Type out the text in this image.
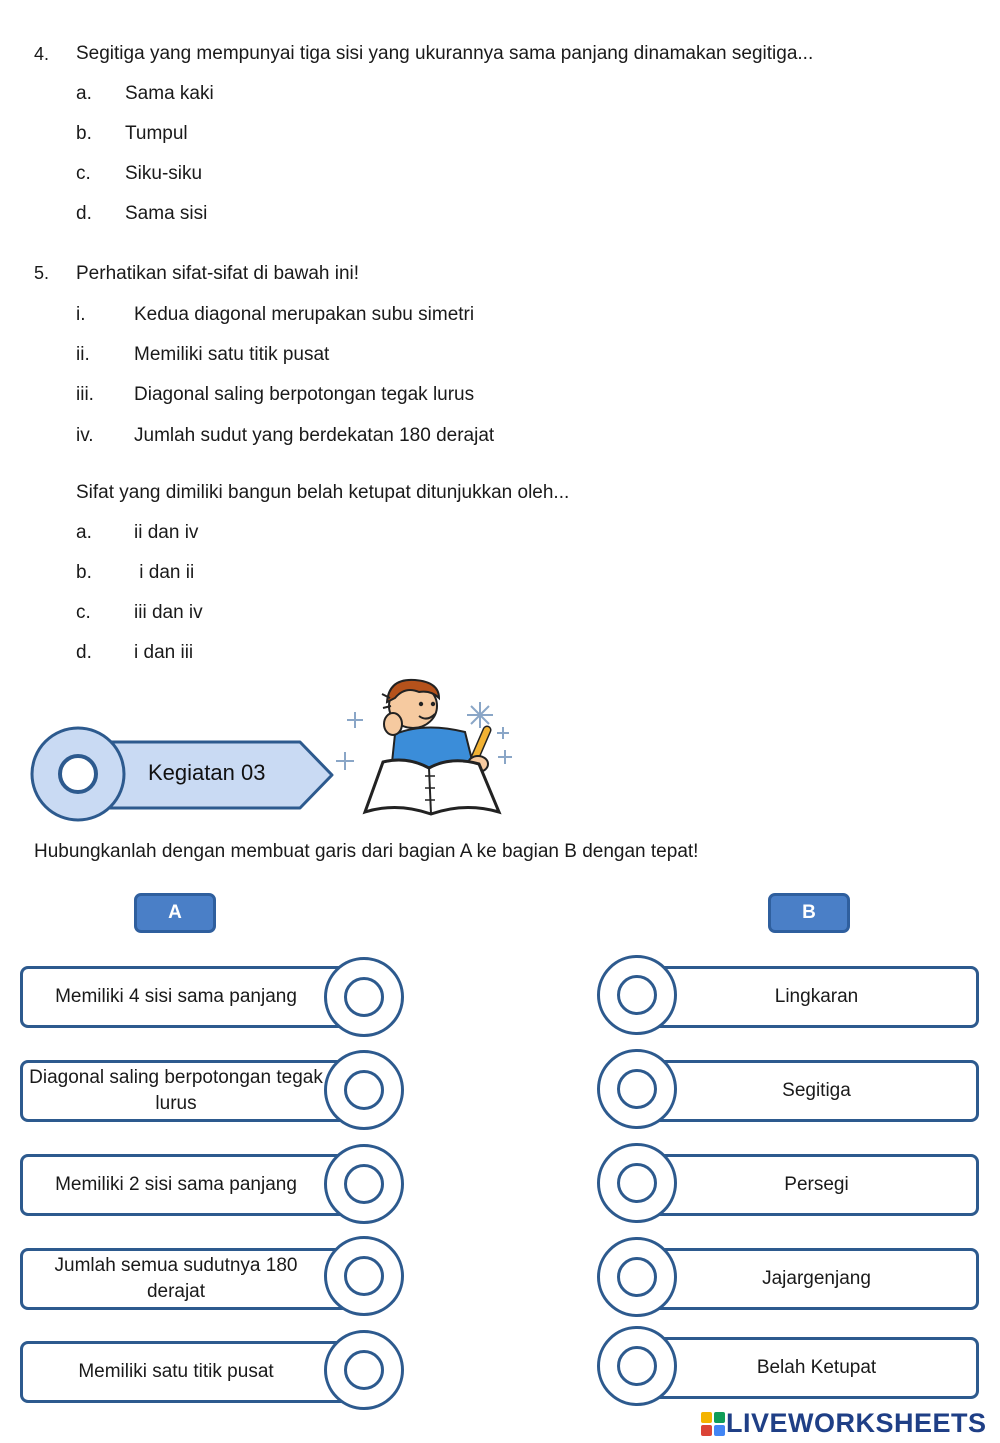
4. Segitiga yang mempunyai tiga sisi yang ukurannya sama panjang dinamakan segitiga...
a. Sama kaki
b. Tumpul
c. Siku-siku
d. Sama sisi
5. Perhatikan sifat-sifat di bawah ini!
i.	Kedua diagonal merupakan subu simetri
ii. Memiliki satu titik pusat
iii. Diagonal saling berpotongan tegak lurus
iv. Jumlah sudut yang berdekatan 180 derajat
Sifat yang dimiliki bangun belah ketupat ditunjukkan oleh...
a. ii dan iv
b. i dan ii
c. iii dan iv
d. i dan iii
Kegiatan 03
Hubungkanlah dengan membuat garis dari bagian A ke bagian B dengan tepat!
A	B
Memiliki 4 sisi sama panjang
Diagonal saling berpotongan tegak lurus
Memiliki 2 sisi sama panjang
Jumlah semua sudutnya 180 derajat
Memiliki satu titik pusat
Lingkaran
Segitiga
Persegi
Jajargenjang
Belah Ketupat
LIVEWORKSHEETS
